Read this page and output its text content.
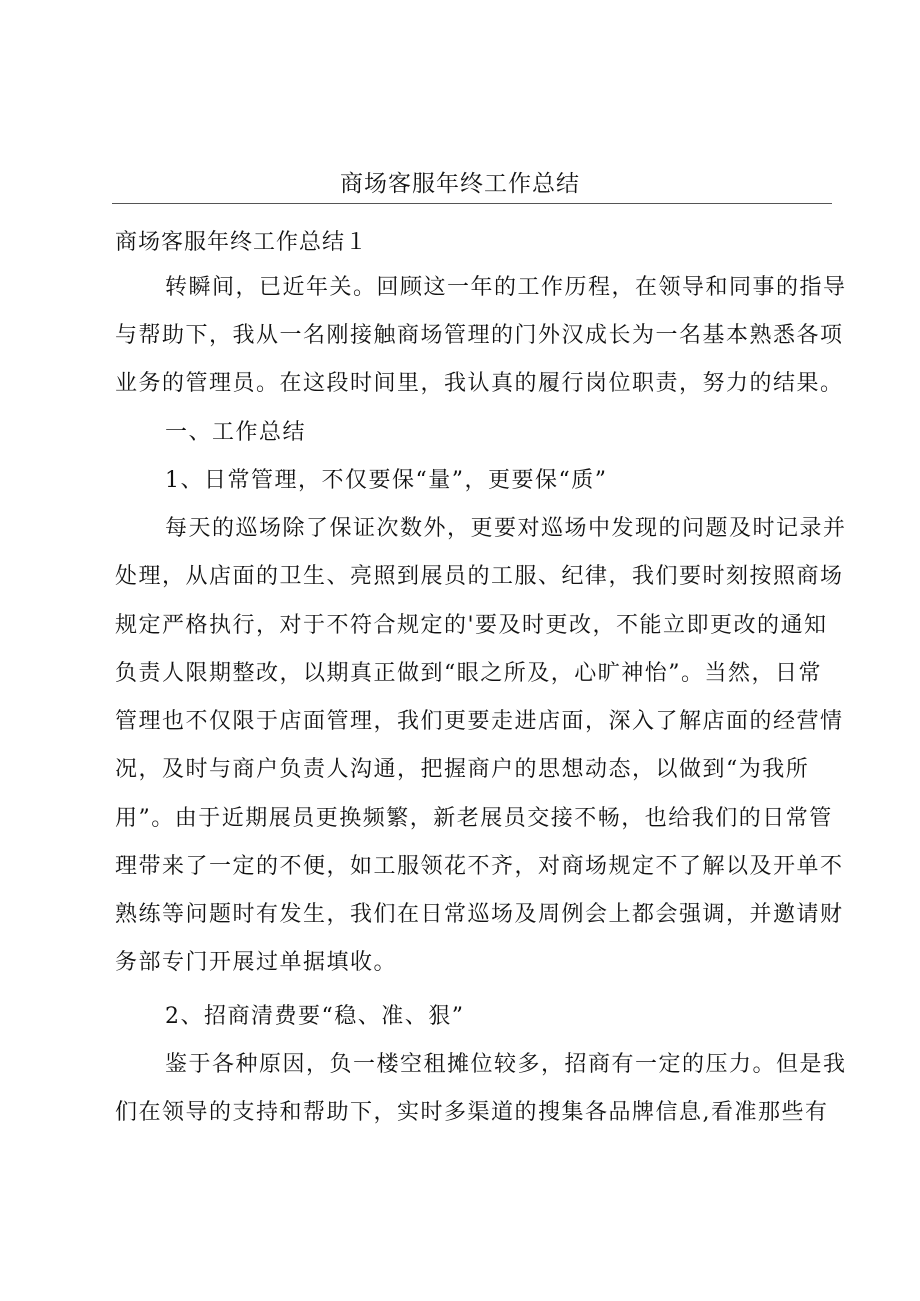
商场客服年终工作总结
商场客服年终工作总结１
转瞬间，已近年关。回顾这一年的工作历程，在领导和同事的指导
与帮助下，我从一名刚接触商场管理的门外汉成长为一名基本熟悉各项
业务的管理员。在这段时间里，我认真的履行岗位职责，努力的结果。
一、工作总结
1、日常管理，不仅要保“量”，更要保“质”
每天的巡场除了保证次数外，更要对巡场中发现的问题及时记录并
处理，从店面的卫生、亮照到展员的工服、纪律，我们要时刻按照商场
规定严格执行，对于不符合规定的'要及时更改，不能立即更改的通知
负责人限期整改，以期真正做到“眼之所及，心旷神怡”。当然，日常
管理也不仅限于店面管理，我们更要走进店面，深入了解店面的经营情
况，及时与商户负责人沟通，把握商户的思想动态，以做到“为我所
用”。由于近期展员更换频繁，新老展员交接不畅，也给我们的日常管
理带来了一定的不便，如工服领花不齐，对商场规定不了解以及开单不
熟练等问题时有发生，我们在日常巡场及周例会上都会强调，并邀请财
务部专门开展过单据填收。
2、招商清费要“稳、准、狠”
鉴于各种原因，负一楼空租摊位较多，招商有一定的压力。但是我
们在领导的支持和帮助下，实时多渠道的搜集各品牌信息,看准那些有
